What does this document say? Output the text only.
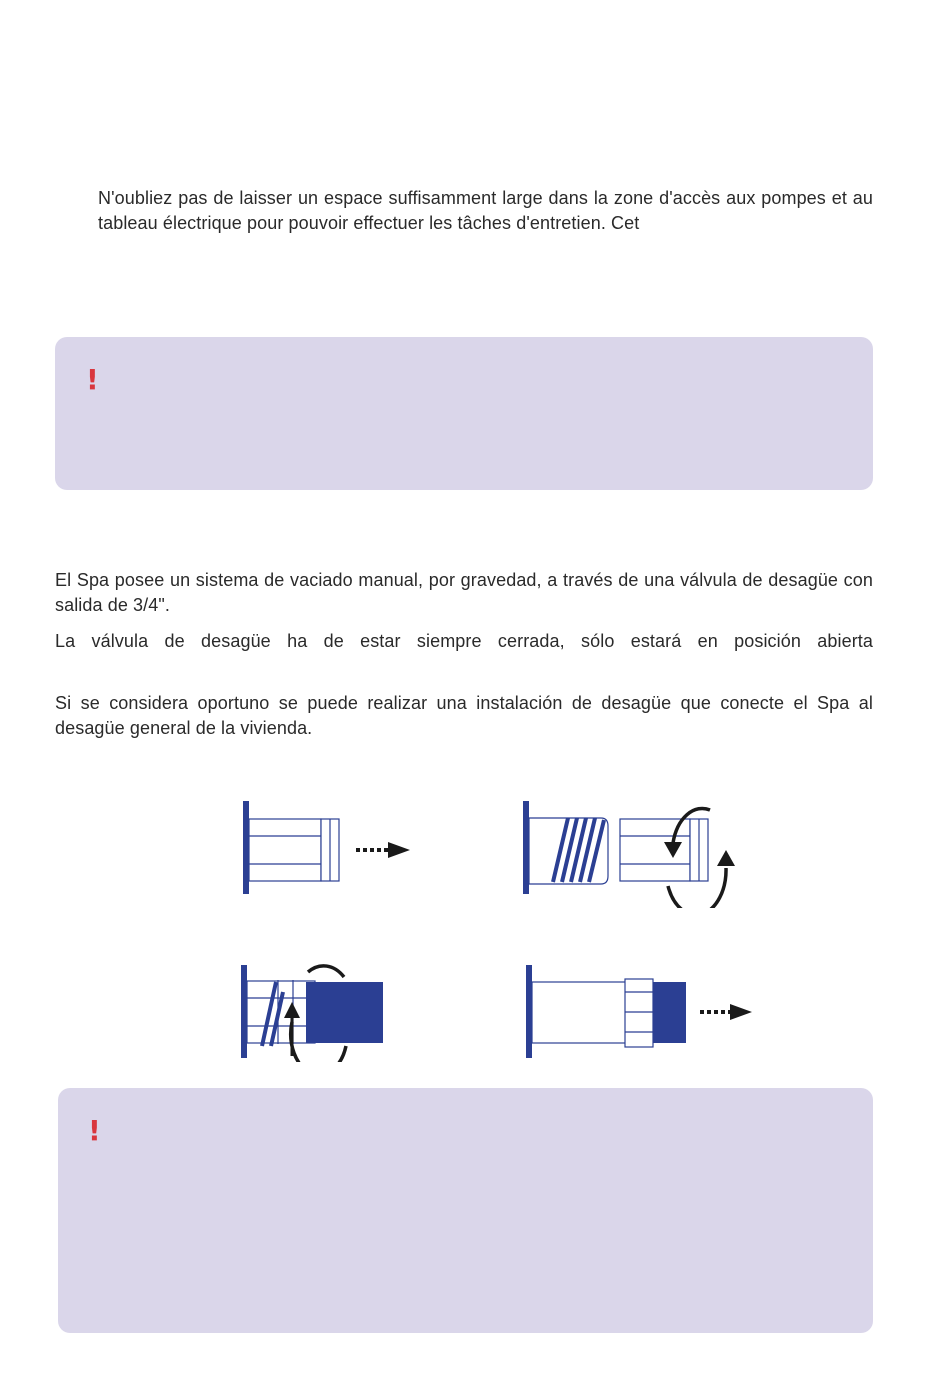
N'oubliez pas de laisser un espace suffisamment large dans la zone d'accès aux pompes et au tableau électrique pour pouvoir effectuer les tâches d'entretien. Cet

!

El Spa posee un sistema de vaciado manual, por gravedad, a través de una válvula de desagüe con salida de 3/4".

La válvula de desagüe ha de estar siempre cerrada, sólo estará en posición abierta

Si se considera oportuno se puede realizar una instalación de desagüe que conecte el Spa al desagüe general de la vivienda.

!
